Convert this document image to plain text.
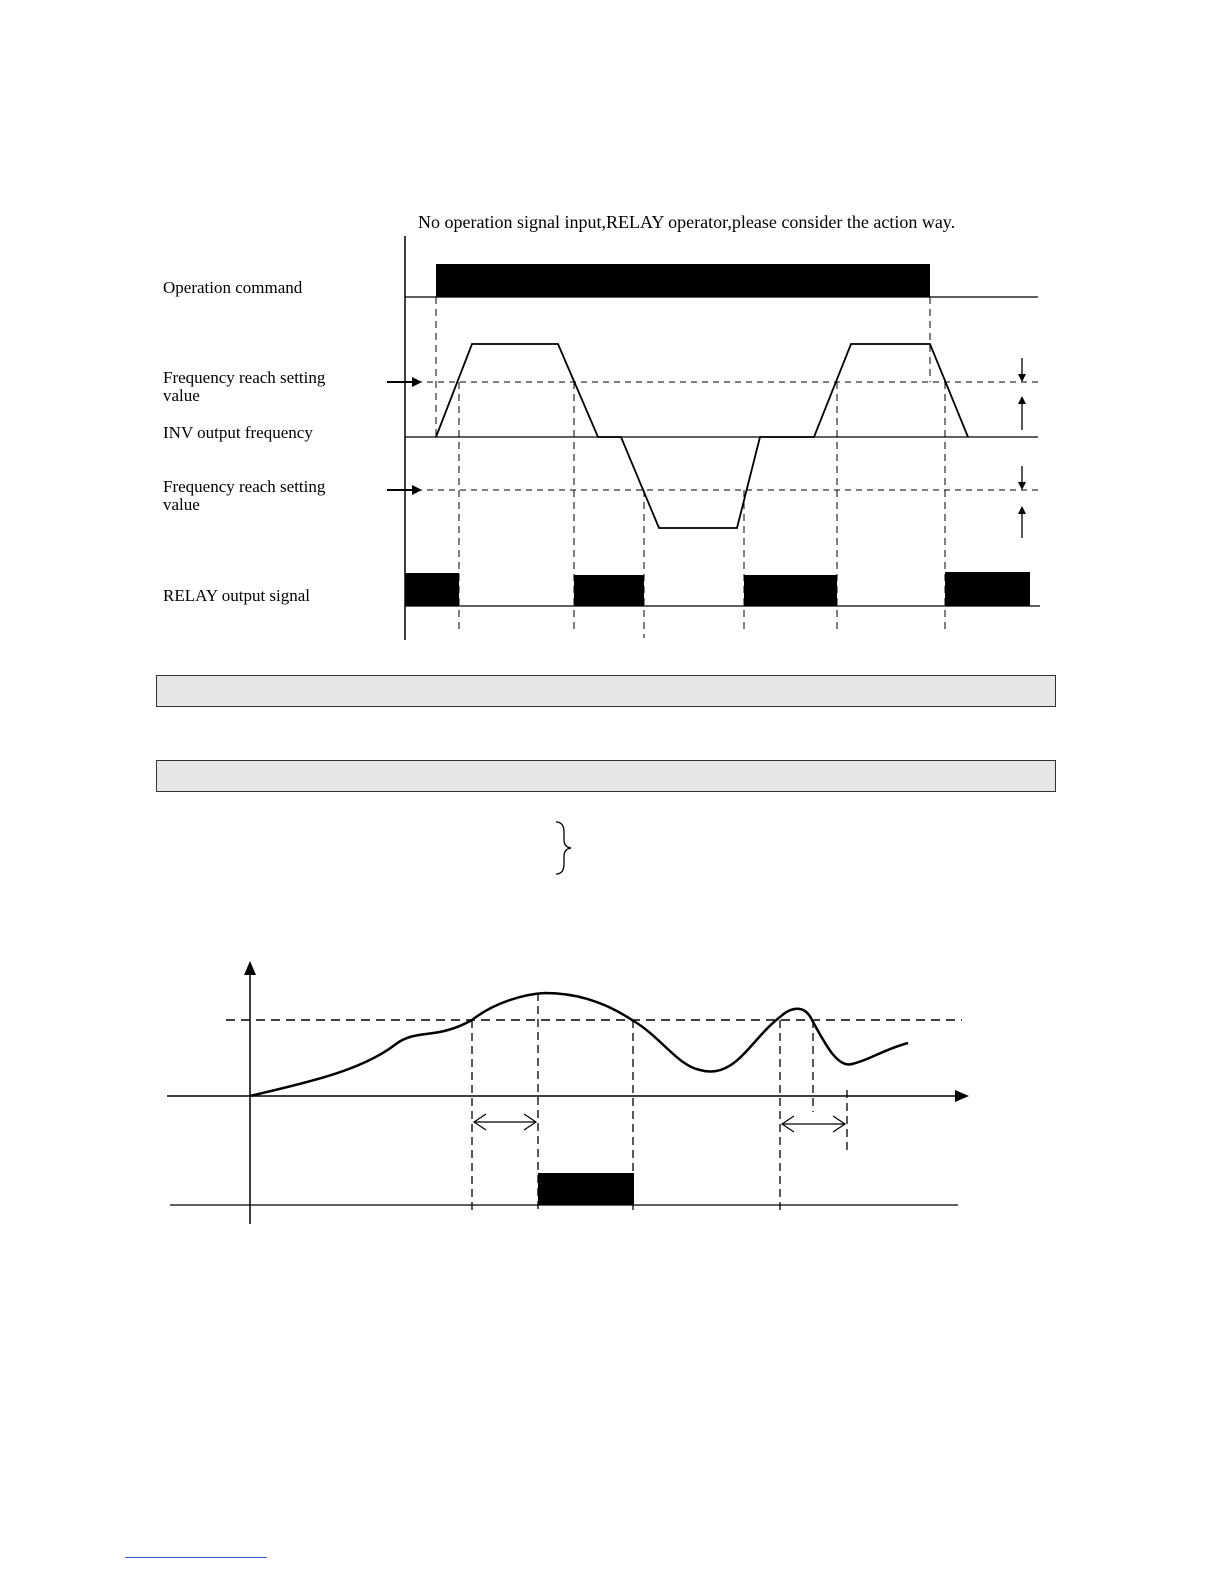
No operation signal input,RELAY operator,please consider the action way.
Operation command
Frequency reach setting
value
INV output frequency
Frequency reach setting
value
RELAY output signal
